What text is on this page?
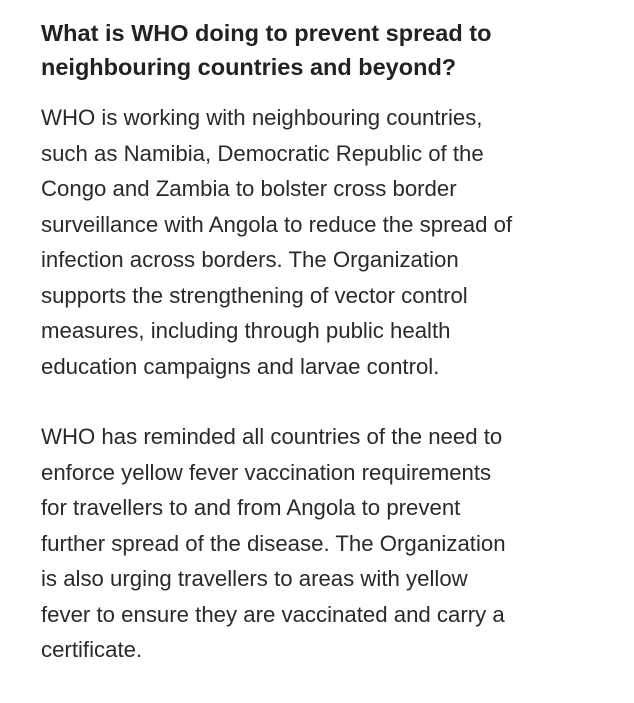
What is WHO doing to prevent spread to
neighbouring countries and beyond?

WHO is working with neighbouring countries,
such as Namibia, Democratic Republic of the
Congo and Zambia to bolster cross border
surveillance with Angola to reduce the spread of
infection across borders. The Organization
supports the strengthening of vector control
measures, including through public health
education campaigns and larvae control.

WHO has reminded all countries of the need to
enforce yellow fever vaccination requirements
for travellers to and from Angola to prevent
further spread of the disease. The Organization
is also urging travellers to areas with yellow
fever to ensure they are vaccinated and carry a
certificate.
